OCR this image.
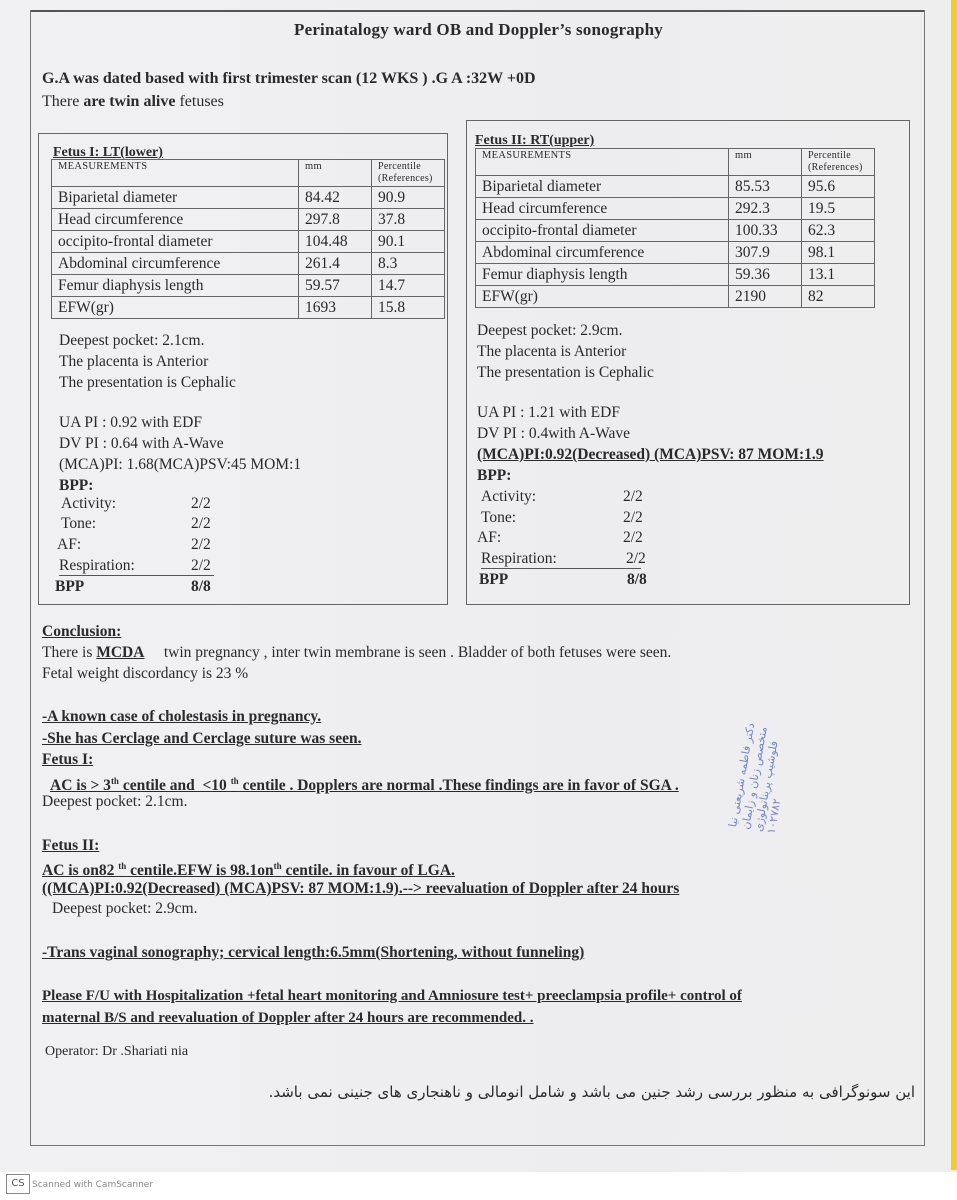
Perinatalogy ward OB and Doppler’s sonography
G.A was dated based with first trimester scan (12 WKS ) .G A :32W +0D
There are twin alive fetuses
Fetus I: LT(lower)
MEASUREMENTS	mm	Percentile
(References)
Biparietal diameter	84.42	90.9
Head circumference	297.8	37.8
occipito-frontal diameter	104.48	90.1
Abdominal circumference	261.4	8.3
Femur diaphysis length	59.57	14.7
EFW(gr)	1693	15.8
Deepest pocket: 2.1cm.
The placenta is Anterior
The presentation is Cephalic
UA PI : 0.92 with EDF
DV PI : 0.64 with A-Wave
(MCA)PI: 1.68(MCA)PSV:45 MOM:1
BPP:
Activity:	2/2
Tone:	2/2
AF:	2/2
Respiration:	2/2
BPP	8/8
Fetus II: RT(upper)
MEASUREMENTS	mm	Percentile
(References)
Biparietal diameter	85.53	95.6
Head circumference	292.3	19.5
occipito-frontal diameter	100.33	62.3
Abdominal circumference	307.9	98.1
Femur diaphysis length	59.36	13.1
EFW(gr)	2190	82
Deepest pocket: 2.9cm.
The placenta is Anterior
The presentation is Cephalic
UA PI : 1.21 with EDF
DV PI : 0.4with A-Wave
(MCA)PI:0.92(Decreased) (MCA)PSV: 87 MOM:1.9
BPP:
Activity:	2/2
Tone:	2/2
AF:	2/2
Respiration:	2/2
BPP	8/8
Conclusion:
There is MCDA     twin pregnancy , inter twin membrane is seen . Bladder of both fetuses were seen.
Fetal weight discordancy is 23 %
-A known case of cholestasis in pregnancy.
-She has Cerclage and Cerclage suture was seen.
Fetus I:
AC is > 3th centile and  <10 $^{th}$ centile . Dopplers are normal .These findings are in favor of SGA .
Deepest pocket: 2.1cm.
Fetus II:
AC is on82 $^{th}$ centile.EFW is $98.1on^{th}$ centile. in favour of LGA.
((MCA)PI:0.92(Decreased) (MCA)PSV: 87 MOM:1.9).--> reevaluation of Doppler after 24 hours
Deepest pocket: 2.9cm.
-Trans vaginal sonography; cervical length:6.5mm(Shortening, without funneling)
Please F/U with Hospitalization +fetal heart monitoring and Amniosure test+ preeclampsia profile+ control of
maternal B/S and reevaluation of Doppler after 24 hours are recommended. .
Operator: Dr .Shariati nia
این سونوگرافی به منظور بررسی رشد جنین می باشد و شامل انومالی و ناهنجاری های جنینی نمی باشد.
دکتر فاطمه شریعتی نیا متخصص زنان و زایمان فلوشیپ پریناتولوژی ۱۰۲۷۸۲
CS Scanned with CamScanner
